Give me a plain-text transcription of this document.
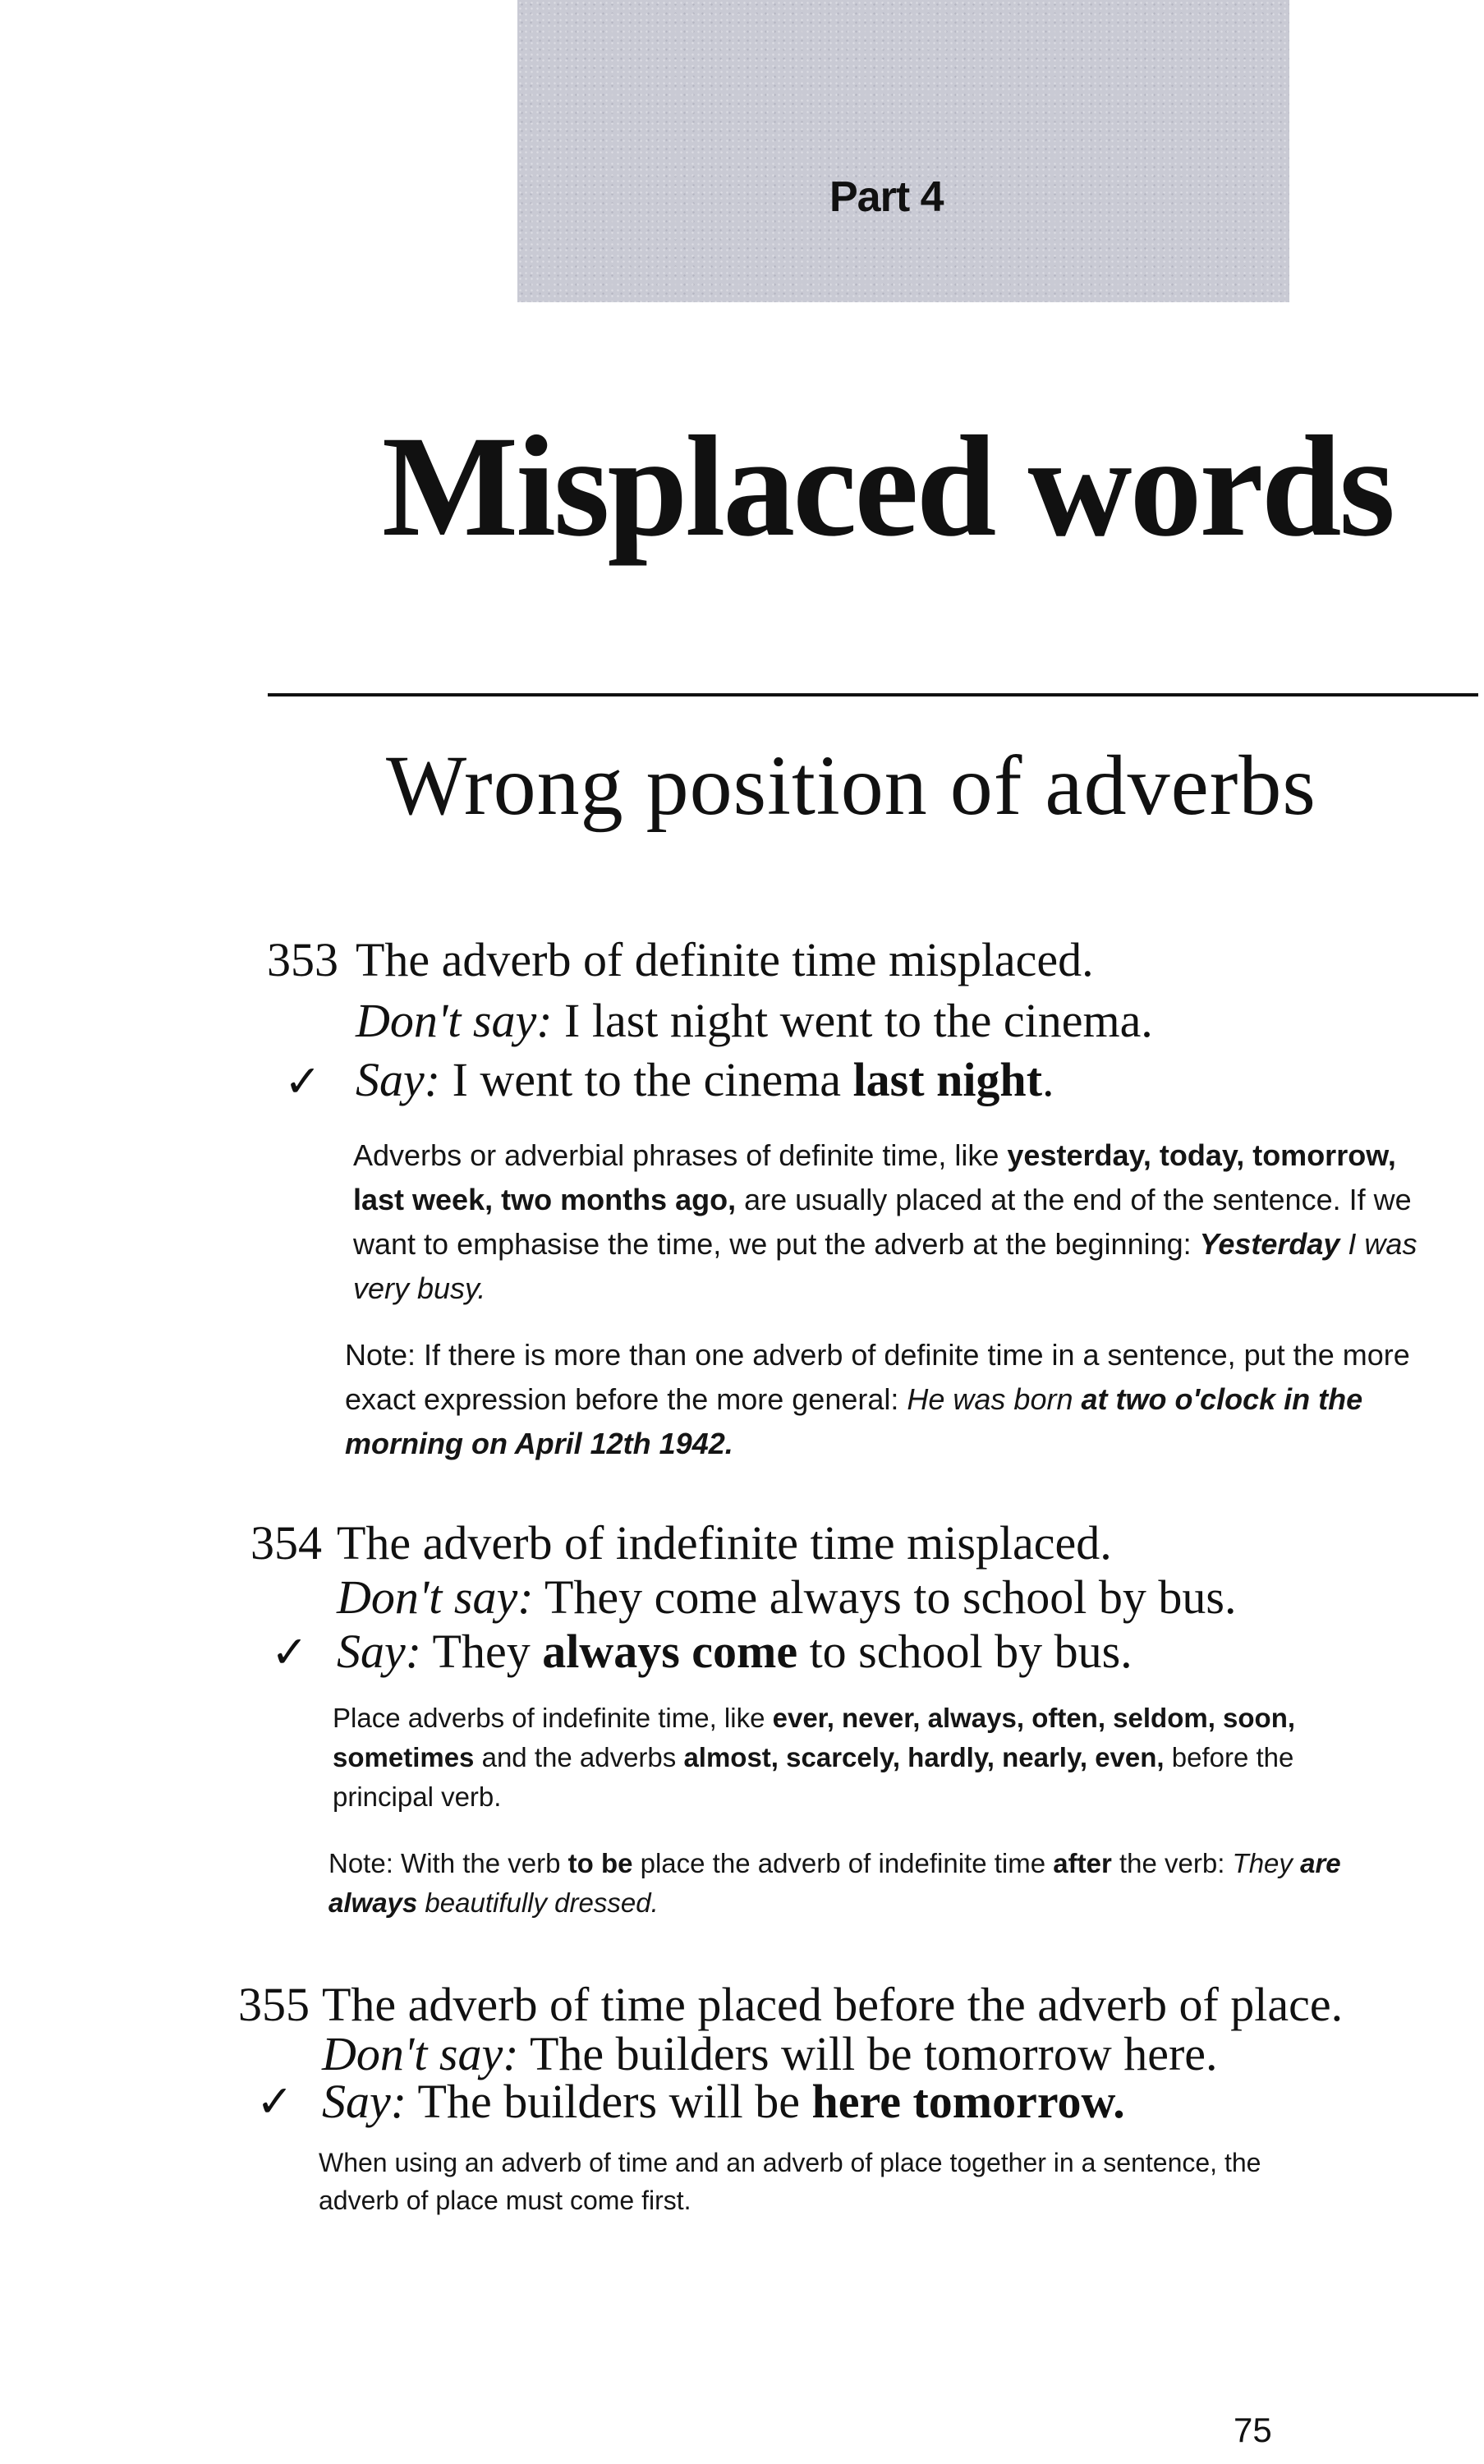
Part 4
Misplaced words
Wrong position of adverbs
353 The adverb of definite time misplaced.
Don't say: I last night went to the cinema.
✓ Say: I went to the cinema last night.

Adverbs or adverbial phrases of definite time, like yesterday, today, tomorrow, last week, two months ago, are usually placed at the end of the sentence. If we want to emphasise the time, we put the adverb at the beginning: Yesterday I was very busy.

Note: If there is more than one adverb of definite time in a sentence, put the more exact expression before the more general: He was born at two o'clock in the morning on April 12th 1942.

354 The adverb of indefinite time misplaced.
Don't say: They come always to school by bus.
✓ Say: They always come to school by bus.

Place adverbs of indefinite time, like ever, never, always, often, seldom, soon, sometimes and the adverbs almost, scarcely, hardly, nearly, even, before the principal verb.

Note: With the verb to be place the adverb of indefinite time after the verb: They are always beautifully dressed.

355 The adverb of time placed before the adverb of place.
Don't say: The builders will be tomorrow here.
✓ Say: The builders will be here tomorrow.

When using an adverb of time and an adverb of place together in a sentence, the adverb of place must come first.

75
